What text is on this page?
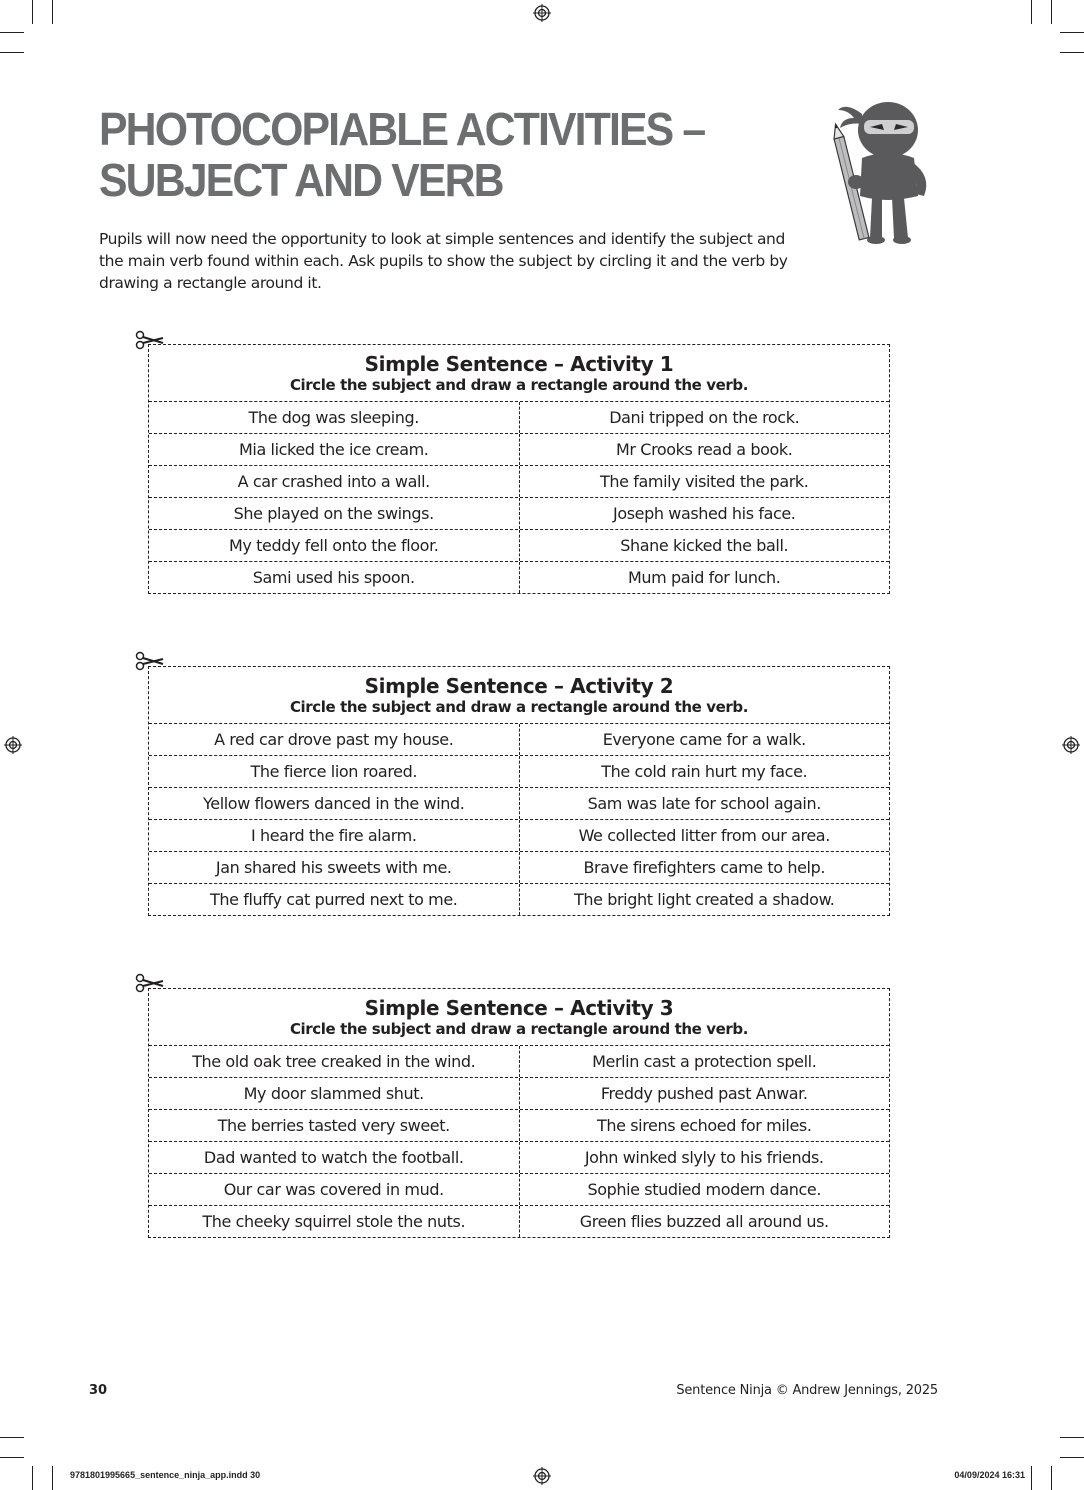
PHOTOCOPIABLE ACTIVITIES –
SUBJECT AND VERB

Pupils will now need the opportunity to look at simple sentences and identify the subject and the main verb found within each. Ask pupils to show the subject by circling it and the verb by drawing a rectangle around it.

Simple Sentence – Activity 1
Circle the subject and draw a rectangle around the verb.
The dog was sleeping.	Dani tripped on the rock.
Mia licked the ice cream.	Mr Crooks read a book.
A car crashed into a wall.	The family visited the park.
She played on the swings.	Joseph washed his face.
My teddy fell onto the floor.	Shane kicked the ball.
Sami used his spoon.	Mum paid for lunch.
Simple Sentence – Activity 2
Circle the subject and draw a rectangle around the verb.
A red car drove past my house.	Everyone came for a walk.
The fierce lion roared.	The cold rain hurt my face.
Yellow flowers danced in the wind.	Sam was late for school again.
I heard the fire alarm.	We collected litter from our area.
Jan shared his sweets with me.	Brave firefighters came to help.
The fluffy cat purred next to me.	The bright light created a shadow.
Simple Sentence – Activity 3
Circle the subject and draw a rectangle around the verb.
The old oak tree creaked in the wind.	Merlin cast a protection spell.
My door slammed shut.	Freddy pushed past Anwar.
The berries tasted very sweet.	The sirens echoed for miles.
Dad wanted to watch the football.	John winked slyly to his friends.
Our car was covered in mud.	Sophie studied modern dance.
The cheeky squirrel stole the nuts.	Green flies buzzed all around us.
30	Sentence Ninja © Andrew Jennings, 2025
9781801995665_sentence_ninja_app.indd 30	04/09/2024 16:31
